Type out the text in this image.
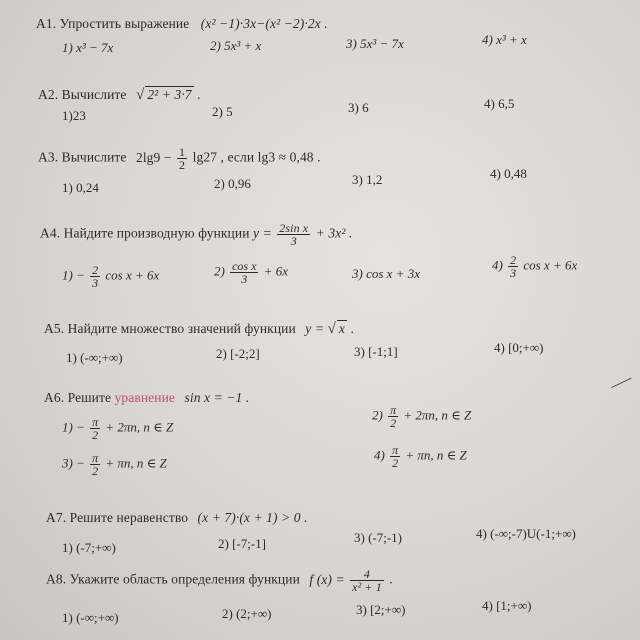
А1. Упростить выражение (x² −1)·3x−(x² −2)·2x .
1) x³ − 7x	2) 5x³ + x	3) 5x³ − 7x	4) x³ + x
А2. Вычислите √ 2² + 3·7 .
1)23	2) 5	3) 6	4) 6,5
А3. Вычислите $2\lg 9 - \frac{1}{2} \lg 27$ , если lg3 ≈ 0,48 .
1) 0,24	2) 0,96	3) 1,2	4) 0,48
А4. Найдите производную функции $y = \frac{\text{2sin x}}{3} + 3x^2$ .
$1) - \frac{2}{3}$ cos x + 6x	$2) \frac{\text{cos x}}{3} + 6x$	3) cos x + 3x
$4) \frac{2}{3}$ cos x + 6x
А5. Найдите множество значений функции y = √ x .
1) (-∞;+∞)	2) [-2;2]	3) [-1;1]	4) [0;+∞)
А6. Решите уравнение sin x = −1 .
$1) - \frac{\pi}{2} + 2\pi n$, n ∈ Z
$2) \frac{\pi}{2} + 2\pi n$, n ∈ Z
$3) - \frac{\pi}{2} + \pi n$, n ∈ Z
$4) \frac{\pi}{2} + \pi n$, n ∈ Z
А7. Решите неравенство (x + 7)·(x + 1) > 0 .
1) (-7;+∞)	2) [-7;-1]	3) (-7;-1)	4) (-∞;-7)U(-1;+∞)
А8. Укажите область определения функции f $(x) = \frac{4}{\text{x² + 1}}$ .
1) (-∞;+∞)	2) (2;+∞)	3) [2;+∞)	4) [1;+∞)
